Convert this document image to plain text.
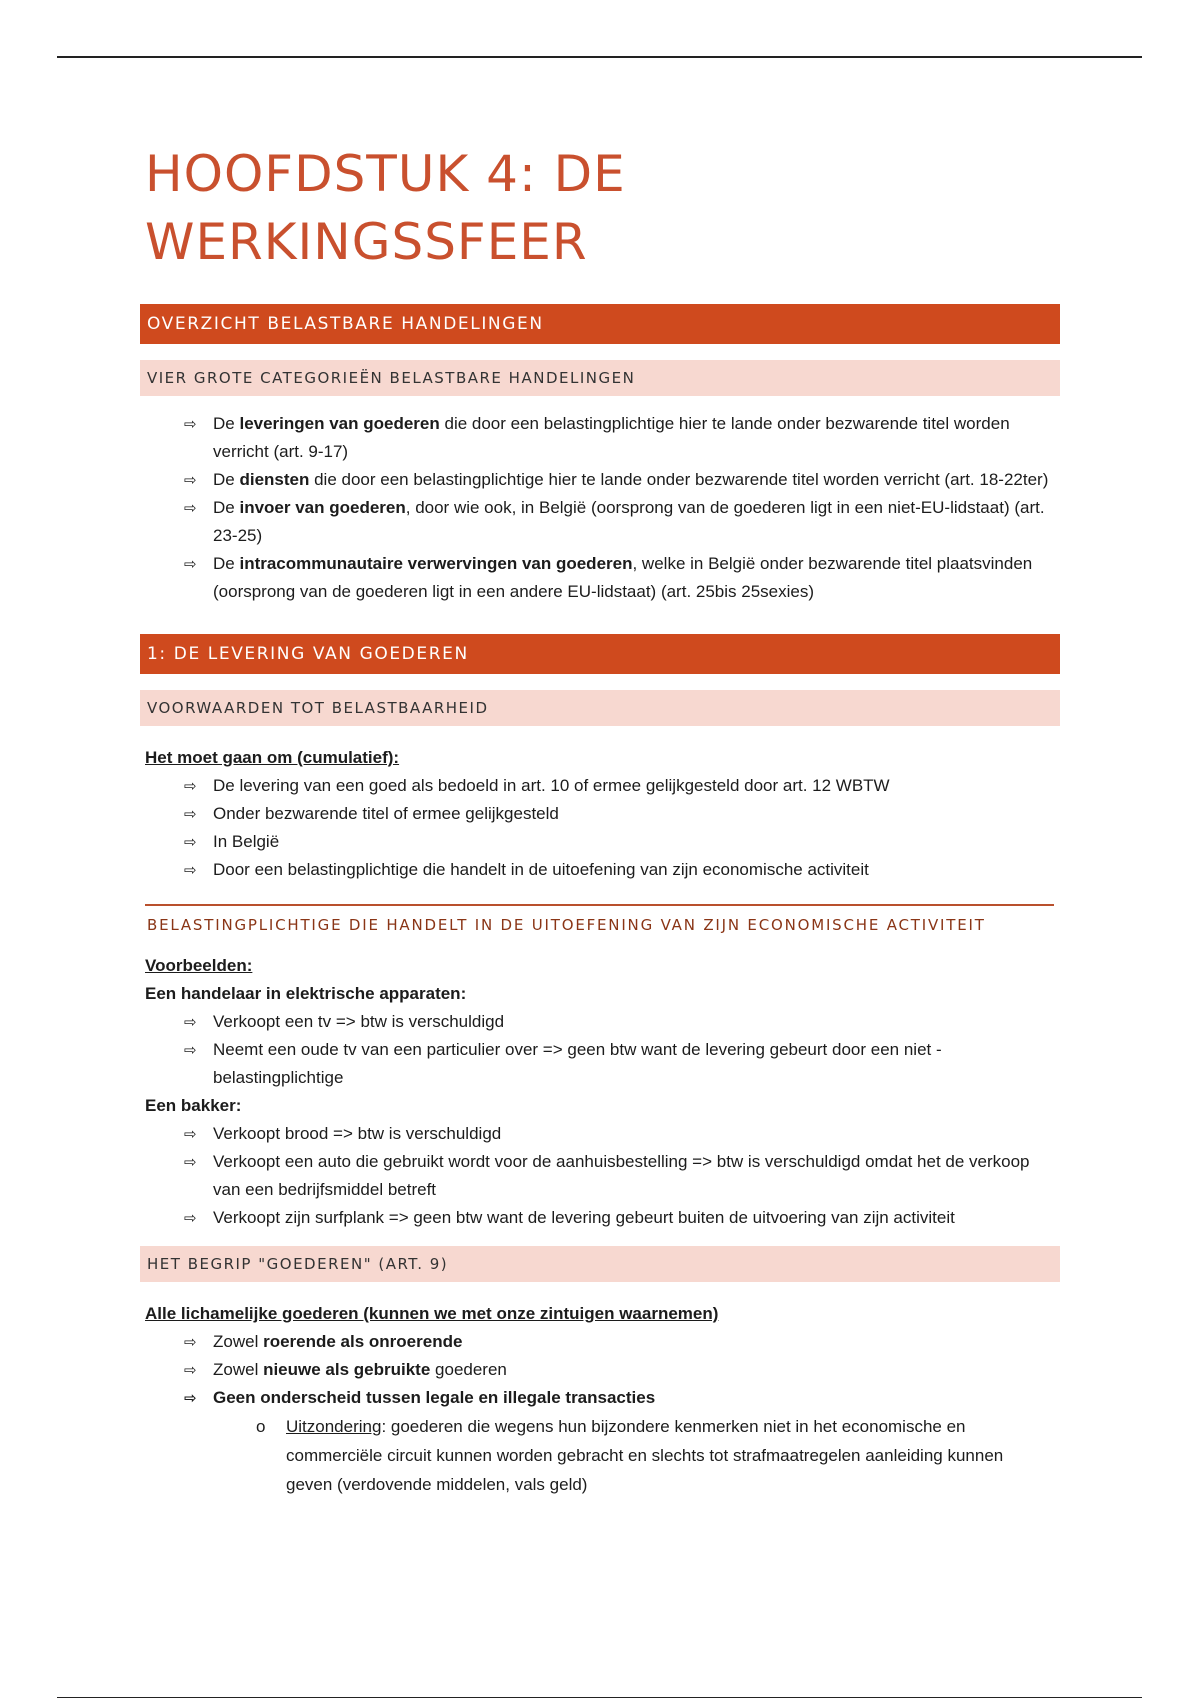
HOOFDSTUK 4: DE
WERKINGSSFEER
OVERZICHT BELASTBARE HANDELINGEN
VIER GROTE CATEGORIEËN BELASTBARE HANDELINGEN
⇨ De leveringen van goederen die door een belastingplichtige hier te lande onder bezwarende titel worden verricht (art. 9-17)
⇨ De diensten die door een belastingplichtige hier te lande onder bezwarende titel worden verricht (art. 18-22ter)
⇨ De invoer van goederen, door wie ook, in België (oorsprong van de goederen ligt in een niet-EU-lidstaat) (art. 23-25)
⇨ De intracommunautaire verwervingen van goederen, welke in België onder bezwarende titel plaatsvinden (oorsprong van de goederen ligt in een andere EU-lidstaat) (art. 25bis 25sexies)
1: DE LEVERING VAN GOEDEREN
VOORWAARDEN TOT BELASTBAARHEID
Het moet gaan om (cumulatief):
⇨ De levering van een goed als bedoeld in art. 10 of ermee gelijkgesteld door art. 12 WBTW
⇨ Onder bezwarende titel of ermee gelijkgesteld
⇨ In België
⇨ Door een belastingplichtige die handelt in de uitoefening van zijn economische activiteit
BELASTINGPLICHTIGE DIE HANDELT IN DE UITOEFENING VAN ZIJN ECONOMISCHE ACTIVITEIT
Voorbeelden:
Een handelaar in elektrische apparaten:
⇨ Verkoopt een tv => btw is verschuldigd
⇨ Neemt een oude tv van een particulier over => geen btw want de levering gebeurt door een niet -belastingplichtige
Een bakker:
⇨ Verkoopt brood => btw is verschuldigd
⇨ Verkoopt een auto die gebruikt wordt voor de aanhuisbestelling => btw is verschuldigd omdat het de verkoop van een bedrijfsmiddel betreft
⇨ Verkoopt zijn surfplank => geen btw want de levering gebeurt buiten de uitvoering van zijn activiteit
HET BEGRIP "GOEDEREN" (ART. 9)
Alle lichamelijke goederen (kunnen we met onze zintuigen waarnemen)
⇨ Zowel roerende als onroerende
⇨ Zowel nieuwe als gebruikte goederen
⇨ Geen onderscheid tussen legale en illegale transacties
o	Uitzondering: goederen die wegens hun bijzondere kenmerken niet in het economische en commerciële circuit kunnen worden gebracht en slechts tot strafmaatregelen aanleiding kunnen geven (verdovende middelen, vals geld)
